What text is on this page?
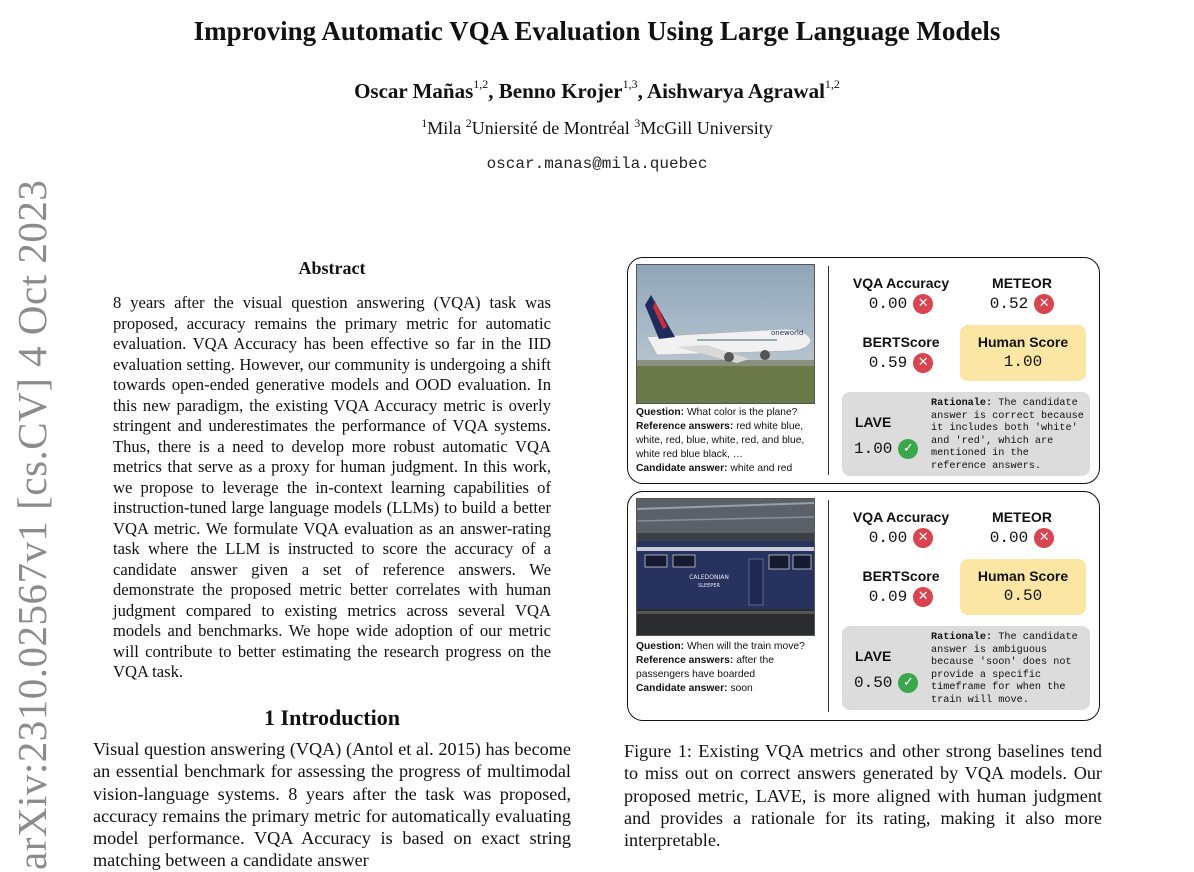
Improving Automatic VQA Evaluation Using Large Language Models
Oscar Mañas$^{1,2}$, Benno Krojer$^{1,3}$, Aishwarya Agrawal$^{1,2}$
$^1$Mila $^2$Uniersité de Montréal $^3$McGill University
oscar.manas@mila.quebec
arXiv:2310.02567v1 [cs.CV] 4 Oct 2023	Abstract
8 years after the visual question answering (VQA) task was proposed, accuracy remains the primary metric for automatic evaluation. VQA Accuracy has been effective so far in the IID evaluation setting. However, our community is undergoing a shift towards open-ended generative models and OOD evaluation. In this new paradigm, the existing VQA Accuracy metric is overly stringent and underestimates the performance of VQA systems. Thus, there is a need to develop more robust automatic VQA metrics that serve as a proxy for human judgment. In this work, we propose to leverage the in-context learning capabilities of instruction-tuned large language models (LLMs) to build a better VQA metric. We formulate VQA evaluation as an answer-rating task where the LLM is instructed to score the accuracy of a candidate answer given a set of reference answers. We demonstrate the proposed metric better correlates with human judgment compared to existing metrics across several VQA models and benchmarks. We hope wide adoption of our metric will contribute to better estimating the research progress on the VQA task.
1 Introduction
Visual question answering (VQA) (Antol et al. 2015) has become an essential benchmark for assessing the progress of multimodal vision-language systems. 8 years after the task was proposed, accuracy remains the primary metric for automatically evaluating model performance. VQA Accuracy is based on exact string matching between a candidate answer
oneworld
Question: What color is the plane?
Reference answers: red white blue, white, red, blue, white, red, and blue, white red blue black, …
Candidate answer: white and red
VQA Accuracy
0.00 ✕
METEOR
0.52 ✕
BERTScore
0.59 ✕
Human Score
1.00
LAVE
1.00 ✓
Rationale: The candidate answer is correct because it includes both 'white' and 'red', which are mentioned in the reference answers.
CALEDONIAN
SLEEPER
Question: When will the train move?
Reference answers: after the passengers have boarded
Candidate answer: soon
VQA Accuracy
0.00 ✕
METEOR
0.00 ✕
BERTScore
0.09 ✕
Human Score
0.50
LAVE
0.50 ✓
Rationale: The candidate answer is ambiguous because 'soon' does not provide a specific timeframe for when the train will move.
Figure 1: Existing VQA metrics and other strong baselines tend to miss out on correct answers generated by VQA models. Our proposed metric, LAVE, is more aligned with human judgment and provides a rationale for its rating, making it also more interpretable.
